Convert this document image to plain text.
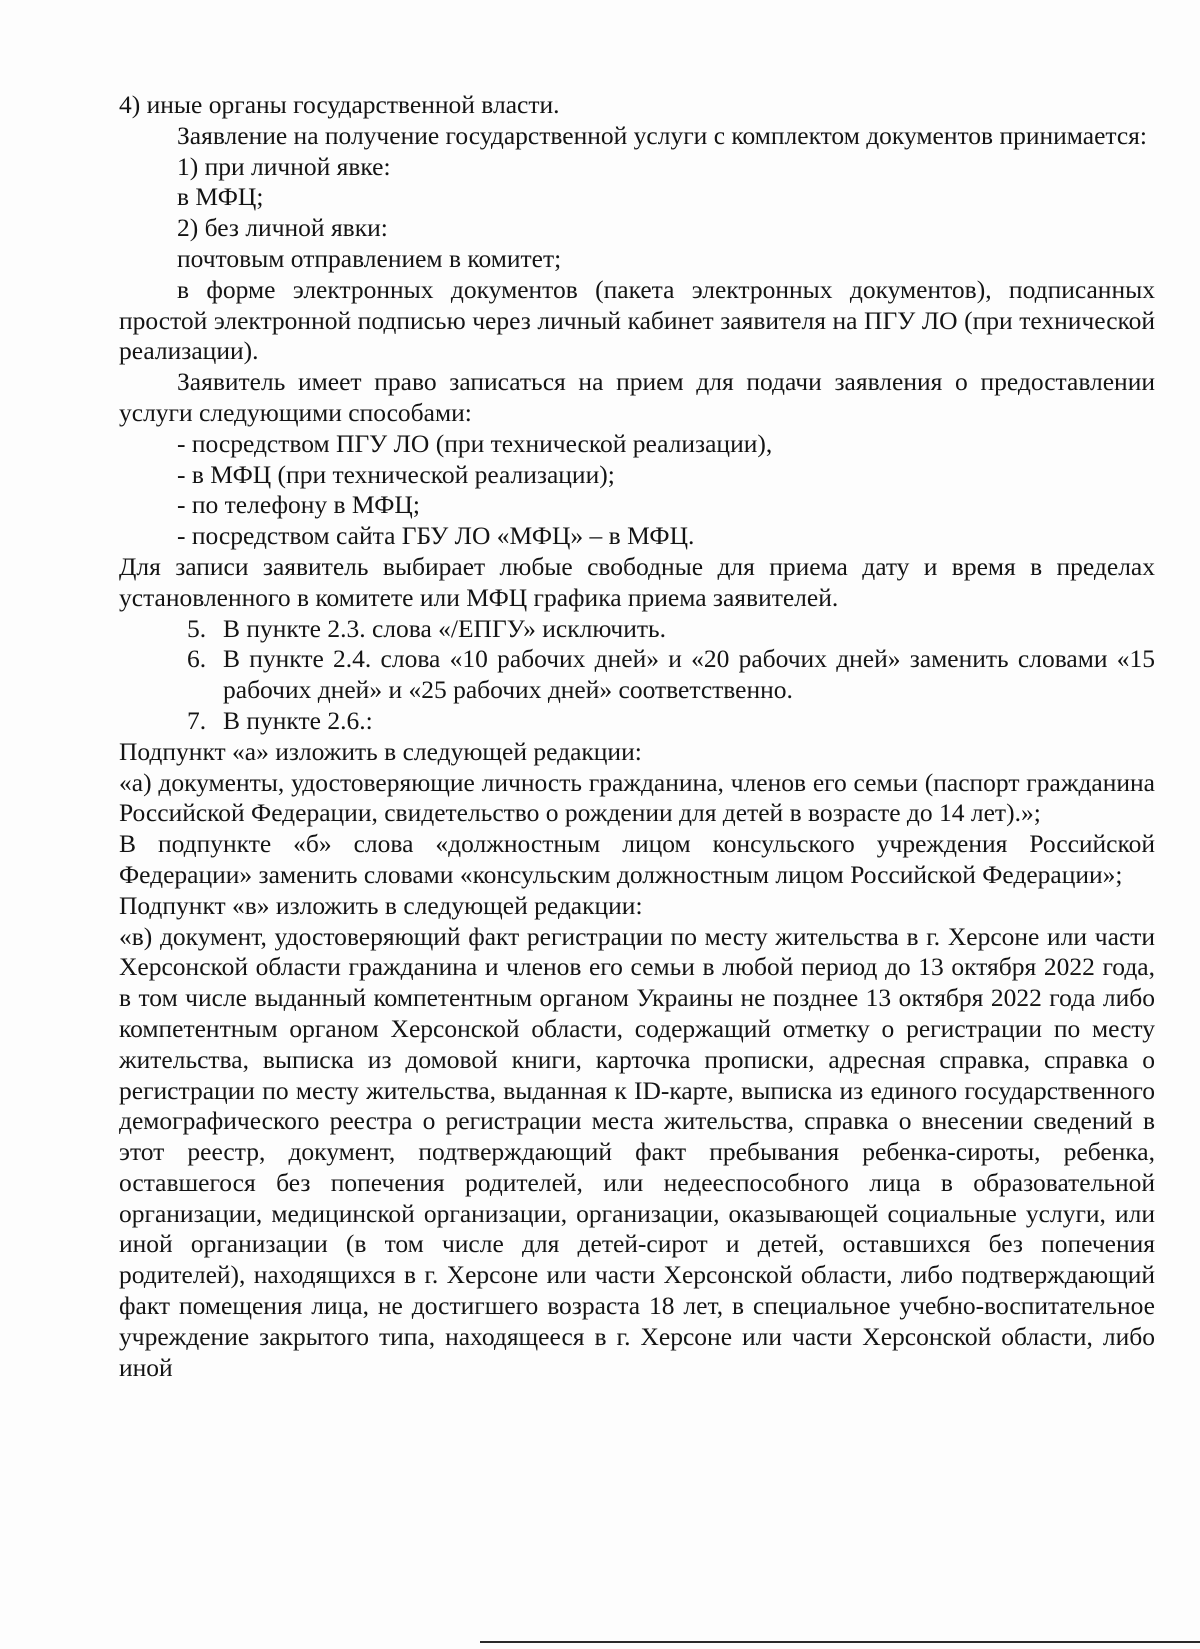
4) иные органы государственной власти.

Заявление на получение государственной услуги с комплектом документов принимается:

1) при личной явке:

в МФЦ;

2) без личной явки:

почтовым отправлением в комитет;

в форме электронных документов (пакета электронных документов), подписанных простой электронной подписью через личный кабинет заявителя на ПГУ ЛО (при технической реализации).

Заявитель имеет право записаться на прием для подачи заявления о предоставлении услуги следующими способами:

- посредством ПГУ ЛО (при технической реализации),

- в МФЦ (при технической реализации);

- по телефону в МФЦ;

- посредством сайта ГБУ ЛО «МФЦ» – в МФЦ.

Для записи заявитель выбирает любые свободные для приема дату и время в пределах установленного в комитете или МФЦ графика приема заявителей.

5. В пункте 2.3. слова «/ЕПГУ» исключить.
6. В пункте 2.4. слова «10 рабочих дней» и «20 рабочих дней» заменить словами «15 рабочих дней» и «25 рабочих дней» соответственно.
7. В пункте 2.6.:

Подпункт «а» изложить в следующей редакции:

«а) документы, удостоверяющие личность гражданина, членов его семьи (паспорт гражданина Российской Федерации, свидетельство о рождении для детей в возрасте до 14 лет).»;

В подпункте «б» слова «должностным лицом консульского учреждения Российской Федерации» заменить словами «консульским должностным лицом Российской Федерации»;

Подпункт «в» изложить в следующей редакции:

«в) документ, удостоверяющий факт регистрации по месту жительства в г. Херсоне или части Херсонской области гражданина и членов его семьи в любой период до 13 октября 2022 года, в том числе выданный компетентным органом Украины не позднее 13 октября 2022 года либо компетентным органом Херсонской области, содержащий отметку о регистрации по месту жительства, выписка из домовой книги, карточка прописки, адресная справка, справка о регистрации по месту жительства, выданная к ID-карте, выписка из единого государственного демографического реестра о регистрации места жительства, справка о внесении сведений в этот реестр, документ, подтверждающий факт пребывания ребенка-сироты, ребенка, оставшегося без попечения родителей, или недееспособного лица в образовательной организации, медицинской организации, организации, оказывающей социальные услуги, или иной организации (в том числе для детей-сирот и детей, оставшихся без попечения родителей), находящихся в г. Херсоне или части Херсонской области, либо подтверждающий факт помещения лица, не достигшего возраста 18 лет, в специальное учебно-воспитательное учреждение закрытого типа, находящееся в г. Херсоне или части Херсонской области, либо иной
